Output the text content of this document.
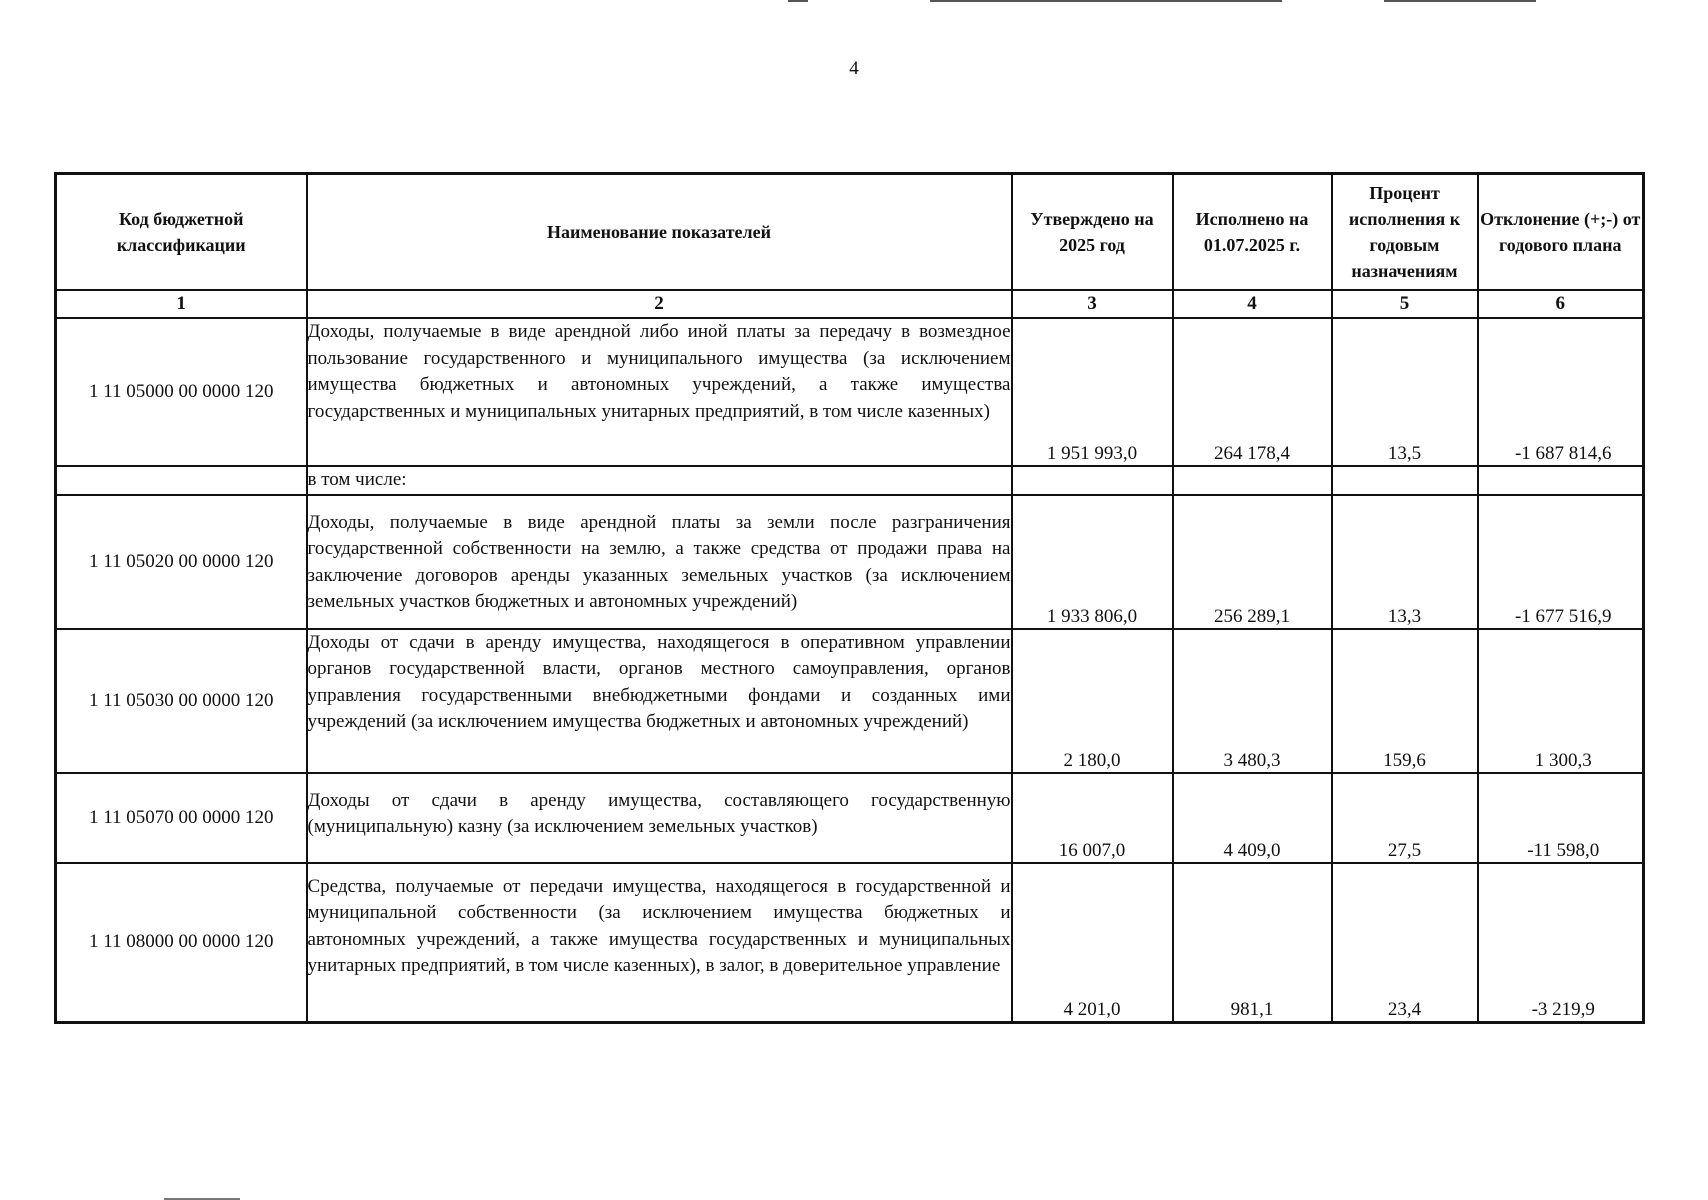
4
Код бюджетной классификации	Наименование показателей	Утверждено на 2025 год	Исполнено на 01.07.2025 г.	Процент исполнения к годовым назначениям	Отклонение (+;-) от годового плана
1	2	3	4	5	6
1 11 05000 00 0000 120	Доходы, получаемые в виде арендной либо иной платы за передачу в возмездное пользование государственного и муниципального имущества (за исключением имущества бюджетных и автономных учреждений, а также имущества государственных и муниципальных унитарных предприятий, в том числе казенных)	1 951 993,0	264 178,4	13,5	-1 687 814,6
	в том числе:				
1 11 05020 00 0000 120	Доходы, получаемые в виде арендной платы за земли после разграничения государственной собственности на землю, а также средства от продажи права на заключение договоров аренды указанных земельных участков (за исключением земельных участков бюджетных и автономных учреждений)	1 933 806,0	256 289,1	13,3	-1 677 516,9
1 11 05030 00 0000 120	Доходы от сдачи в аренду имущества, находящегося в оперативном управлении органов государственной власти, органов местного самоуправления, органов управления государственными внебюджетными фондами и созданных ими учреждений (за исключением имущества бюджетных и автономных учреждений)	2 180,0	3 480,3	159,6	1 300,3
1 11 05070 00 0000 120	Доходы от сдачи в аренду имущества, составляющего государственную (муниципальную) казну (за исключением земельных участков)	16 007,0	4 409,0	27,5	-11 598,0
1 11 08000 00 0000 120	Средства, получаемые от передачи имущества, находящегося в государственной и муниципальной собственности (за исключением имущества бюджетных и автономных учреждений, а также имущества государственных и муниципальных унитарных предприятий, в том числе казенных), в залог, в доверительное управление	4 201,0	981,1	23,4	-3 219,9
